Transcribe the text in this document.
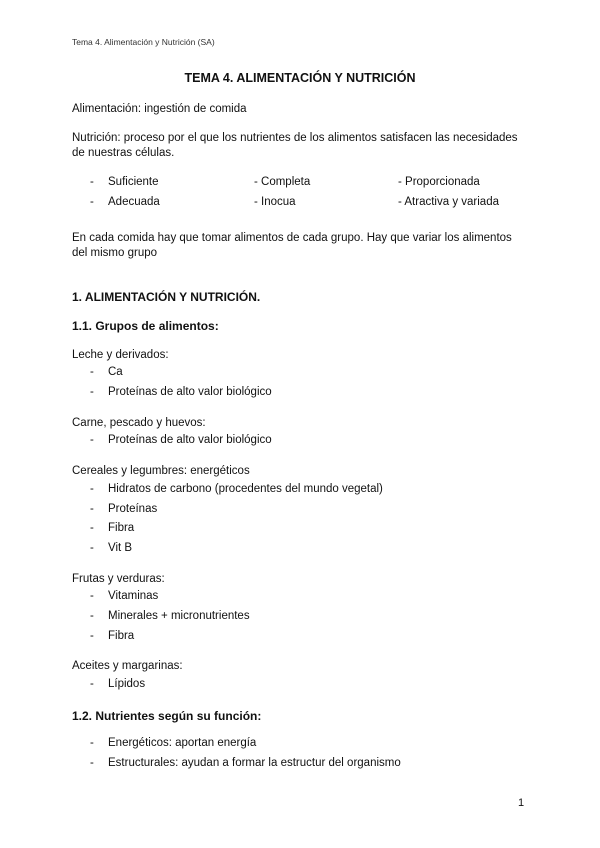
Tema 4. Alimentación y Nutrición (SA)
TEMA 4. ALIMENTACIÓN Y NUTRICIÓN
Alimentación: ingestión de comida
Nutrición: proceso por el que los nutrientes de los alimentos satisfacen las necesidades de nuestras células.
- Suficiente	- Completa	- Proporcionada
- Adecuada	- Inocua	- Atractiva y variada
En cada comida hay que tomar alimentos de cada grupo. Hay que variar los alimentos del mismo grupo
1. ALIMENTACIÓN Y NUTRICIÓN.
1.1. Grupos de alimentos:
Leche y derivados:
- Ca
- Proteínas de alto valor biológico
Carne, pescado y huevos:
- Proteínas de alto valor biológico
Cereales y legumbres: energéticos
- Hidratos de carbono (procedentes del mundo vegetal)
- Proteínas
- Fibra
- Vit B
Frutas y verduras:
- Vitaminas
- Minerales + micronutrientes
- Fibra
Aceites y margarinas:
- Lípidos
1.2. Nutrientes según su función:
- Energéticos: aportan energía
- Estructurales: ayudan a formar la estructur del organismo
1
